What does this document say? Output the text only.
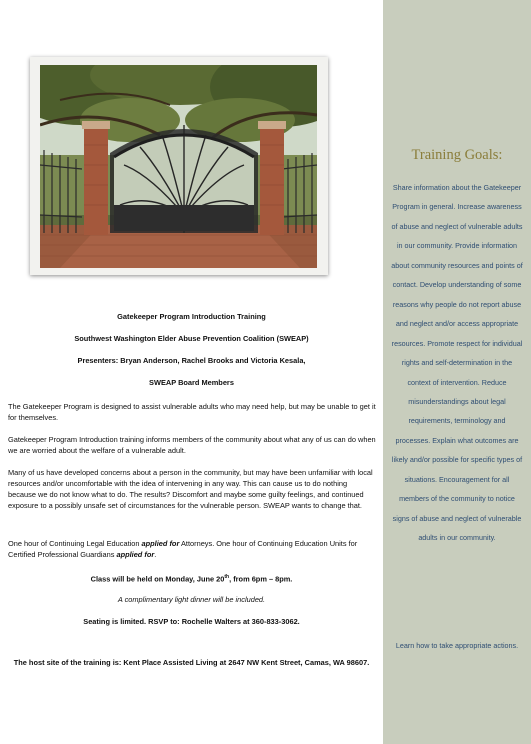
Gatekeeper Program Introduction Training
Southwest Washington Elder Abuse Prevention Coalition (SWEAP)
Presenters: Bryan Anderson, Rachel Brooks and Victoria Kesala,
SWEAP Board Members
The Gatekeeper Program is designed to assist vulnerable adults who may need help, but may be unable to get it for themselves.
Gatekeeper Program Introduction training informs members of the community about what any of us can do when we are worried about the welfare of a vulnerable adult.
Many of us have developed concerns about a person in the community, but may have been unfamiliar with local resources and/or uncomfortable with the idea of intervening in any way. This can cause us to do nothing because we do not know what to do. The results? Discomfort and maybe some guilty feelings, and continued exposure to a possibly unsafe set of circumstances for the vulnerable person. SWEAP wants to change that.
One hour of Continuing Legal Education applied for Attorneys. One hour of Continuing Education Units for Certified Professional Guardians applied for.
Class will be held on Monday, June 20th, from 6pm – 8pm.
A complimentary light dinner will be included.
Seating is limited. RSVP to: Rochelle Walters at 360-833-3062.
The host site of the training is: Kent Place Assisted Living at 2647 NW Kent Street, Camas, WA 98607.
Training Goals:
Share information about the Gatekeeper Program in general. Increase awareness of abuse and neglect of vulnerable adults in our community. Provide information about community resources and points of contact. Develop understanding of some reasons why people do not report abuse and neglect and/or access appropriate resources. Promote respect for individual rights and self-determination in the context of intervention. Reduce misunderstandings about legal requirements, terminology and processes. Explain what outcomes are likely and/or possible for specific types of situations. Encouragement for all members of the community to notice signs of abuse and neglect of vulnerable adults in our community.
Learn how to take appropriate actions.
